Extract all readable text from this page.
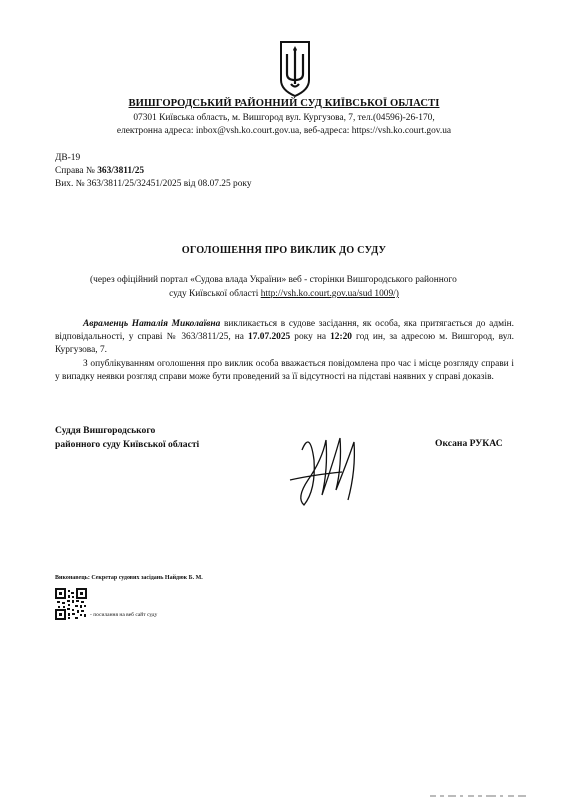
ВИШГОРОДСЬКИЙ РАЙОННИЙ СУД КИЇВСЬКОЇ ОБЛАСТІ
07301 Київська область, м. Вишгород вул. Кургузова, 7, тел.(04596)-26-170,
електронна адреса: inbox@vsh.ko.court.gov.ua, веб-адреса: https://vsh.ko.court.gov.ua
ДВ-19
Справа № 363/3811/25
Вих. № 363/3811/25/32451/2025 від 08.07.25 року
ОГОЛОШЕННЯ ПРО ВИКЛИК ДО СУДУ
(через офіційний портал «Судова влада України» веб - сторінки Вишгородського районного
суду Київської області http://vsh.ko.court.gov.ua/sud 1009/)

Авраменць Наталія Миколаївна викликається в судове засідання, як особа, яка притягається до адмін. відповідальності, у справі № 363/3811/25, на 17.07.2025 року на 12:20 год ин, за адресою м. Вишгород, вул. Кургузова, 7.

З опублікуванням оголошення про виклик особа вважається повідомлена про час і місце розгляду справи і у випадку неявки розгляд справи може бути проведений за її відсутності на підставі наявних у справі доказів.

Суддя Вишгородського
районного суду Київської області	Оксана РУКАС
Виконавець: Секретар судових засідань Найдюк Б. М.
- посилання на веб сайт суду
